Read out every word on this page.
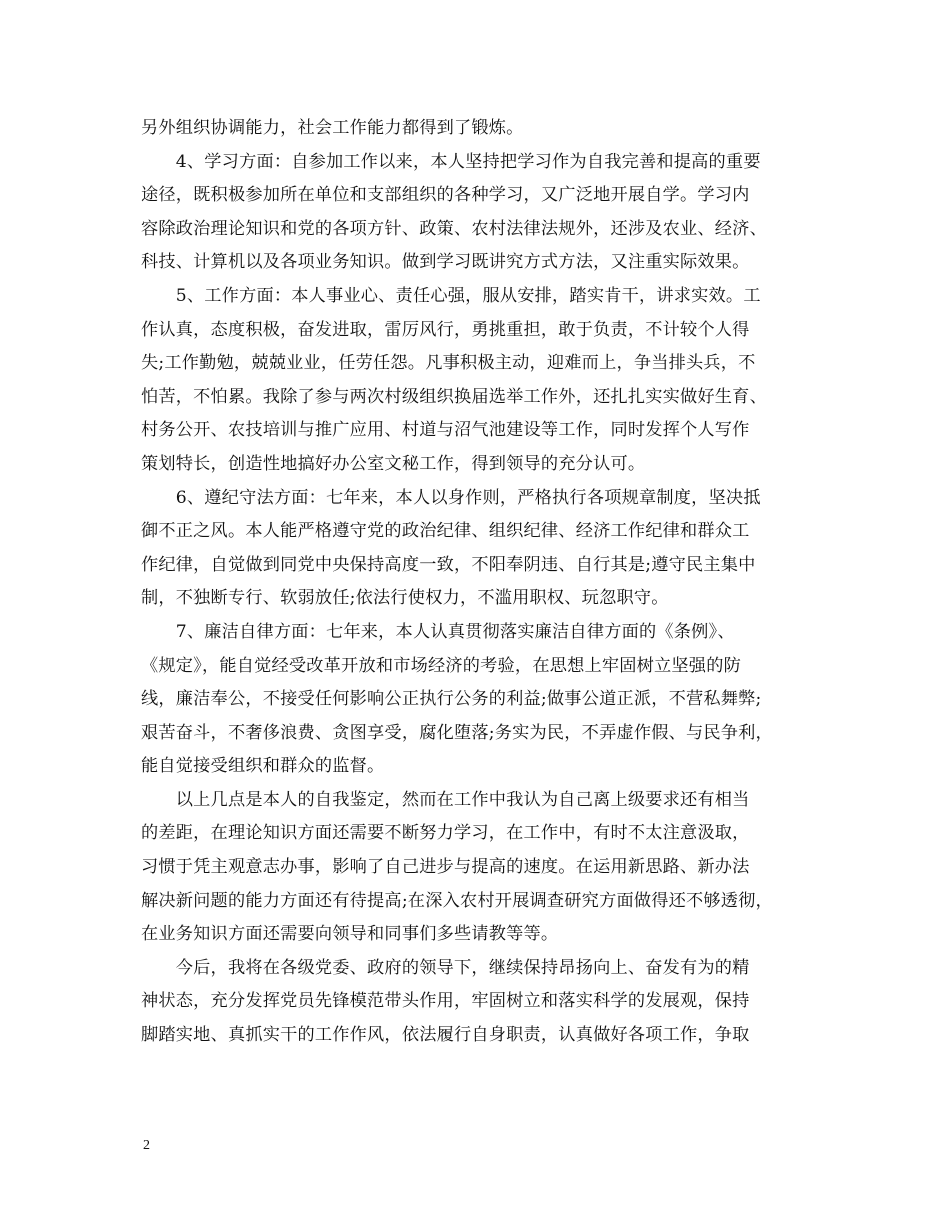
另外组织协调能力，社会工作能力都得到了锻炼。
　　4、学习方面：自参加工作以来，本人坚持把学习作为自我完善和提高的重要
途径，既积极参加所在单位和支部组织的各种学习，又广泛地开展自学。学习内
容除政治理论知识和党的各项方针、政策、农村法律法规外，还涉及农业、经济、
科技、计算机以及各项业务知识。做到学习既讲究方式方法，又注重实际效果。
　　5、工作方面：本人事业心、责任心强，服从安排，踏实肯干，讲求实效。工
作认真，态度积极，奋发进取，雷厉风行，勇挑重担，敢于负责，不计较个人得
失;工作勤勉，兢兢业业，任劳任怨。凡事积极主动，迎难而上，争当排头兵，不
怕苦，不怕累。我除了参与两次村级组织换届选举工作外，还扎扎实实做好生育、
村务公开、农技培训与推广应用、村道与沼气池建设等工作，同时发挥个人写作
策划特长，创造性地搞好办公室文秘工作，得到领导的充分认可。
　　6、遵纪守法方面：七年来，本人以身作则，严格执行各项规章制度，坚决抵
御不正之风。本人能严格遵守党的政治纪律、组织纪律、经济工作纪律和群众工
作纪律，自觉做到同党中央保持高度一致，不阳奉阴违、自行其是;遵守民主集中
制，不独断专行、软弱放任;依法行使权力，不滥用职权、玩忽职守。
　　7、廉洁自律方面：七年来，本人认真贯彻落实廉洁自律方面的《条例》、
《规定》，能自觉经受改革开放和市场经济的考验，在思想上牢固树立坚强的防
线，廉洁奉公，不接受任何影响公正执行公务的利益;做事公道正派，不营私舞弊;
艰苦奋斗，不奢侈浪费、贪图享受，腐化堕落;务实为民，不弄虚作假、与民争利，
能自觉接受组织和群众的监督。
　　以上几点是本人的自我鉴定，然而在工作中我认为自己离上级要求还有相当
的差距，在理论知识方面还需要不断努力学习，在工作中，有时不太注意汲取，
习惯于凭主观意志办事，影响了自己进步与提高的速度。在运用新思路、新办法
解决新问题的能力方面还有待提高;在深入农村开展调查研究方面做得还不够透彻，
在业务知识方面还需要向领导和同事们多些请教等等。
　　今后，我将在各级党委、政府的领导下，继续保持昂扬向上、奋发有为的精
神状态，充分发挥党员先锋模范带头作用，牢固树立和落实科学的发展观，保持
脚踏实地、真抓实干的工作作风，依法履行自身职责，认真做好各项工作，争取
2
